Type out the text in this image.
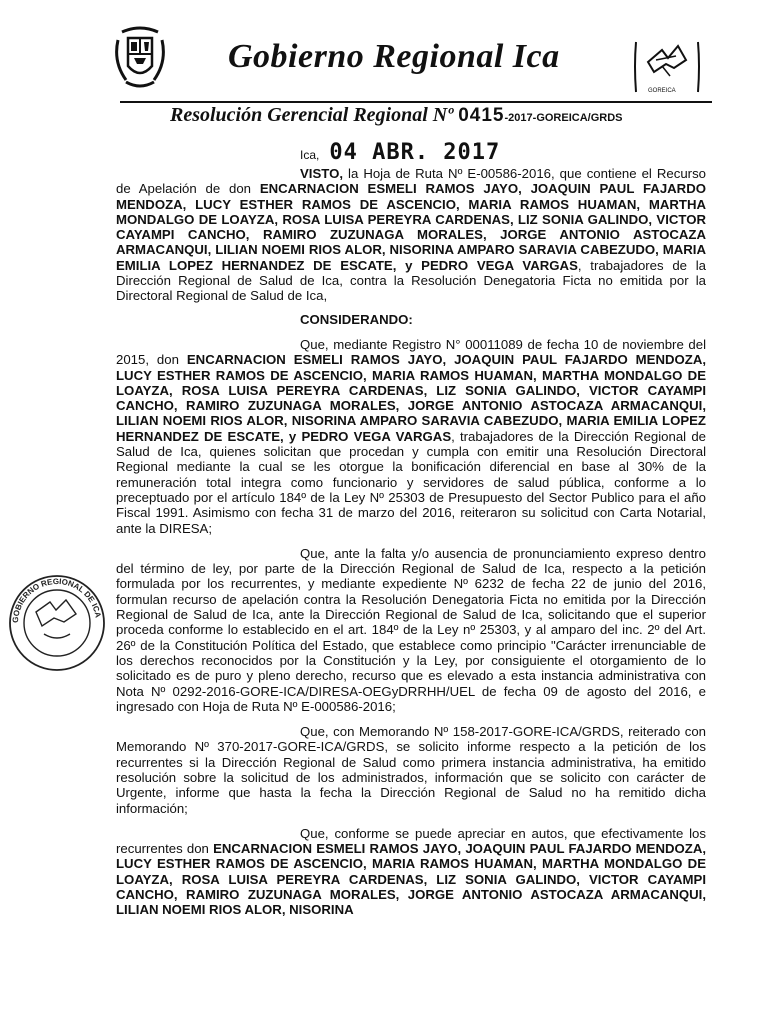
Gobierno Regional Ica
GOREICA
Resolución Gerencial Regional Nº 0415-2017-GOREICA/GRDS
Ica, 04 ABR. 2017

VISTO, la Hoja de Ruta Nº E-00586-2016, que contiene el Recurso de Apelación de don ENCARNACION ESMELI RAMOS JAYO, JOAQUIN PAUL FAJARDO MENDOZA, LUCY ESTHER RAMOS DE ASCENCIO, MARIA RAMOS HUAMAN, MARTHA MONDALGO DE LOAYZA, ROSA LUISA PEREYRA CARDENAS, LIZ SONIA GALINDO, VICTOR CAYAMPI CANCHO, RAMIRO ZUZUNAGA MORALES, JORGE ANTONIO ASTOCAZA ARMACANQUI, LILIAN NOEMI RIOS ALOR, NISORINA AMPARO SARAVIA CABEZUDO, MARIA EMILIA LOPEZ HERNANDEZ DE ESCATE, y PEDRO VEGA VARGAS, trabajadores de la Dirección Regional de Salud de Ica, contra la Resolución Denegatoria Ficta no emitida por la Directoral Regional de Salud de Ica,

CONSIDERANDO:

Que, mediante Registro N° 00011089 de fecha 10 de noviembre del 2015, don ENCARNACION ESMELI RAMOS JAYO, JOAQUIN PAUL FAJARDO MENDOZA, LUCY ESTHER RAMOS DE ASCENCIO, MARIA RAMOS HUAMAN, MARTHA MONDALGO DE LOAYZA, ROSA LUISA PEREYRA CARDENAS, LIZ SONIA GALINDO, VICTOR CAYAMPI CANCHO, RAMIRO ZUZUNAGA MORALES, JORGE ANTONIO ASTOCAZA ARMACANQUI, LILIAN NOEMI RIOS ALOR, NISORINA AMPARO SARAVIA CABEZUDO, MARIA EMILIA LOPEZ HERNANDEZ DE ESCATE, y PEDRO VEGA VARGAS, trabajadores de la Dirección Regional de Salud de Ica, quienes solicitan que procedan y cumpla con emitir una Resolución Directoral Regional mediante la cual se les otorgue la bonificación diferencial en base al 30% de la remuneración total integra como funcionario y servidores de salud pública, conforme a lo preceptuado por el artículo 184º de la Ley Nº 25303 de Presupuesto del Sector Publico para el año Fiscal 1991. Asimismo con fecha 31 de marzo del 2016, reiteraron su solicitud con Carta Notarial, ante la DIRESA;

Que, ante la falta y/o ausencia de pronunciamiento expreso dentro del término de ley, por parte de la Dirección Regional de Salud de Ica, respecto a la petición formulada por los recurrentes, y mediante expediente Nº 6232 de fecha 22 de junio del 2016, formulan recurso de apelación contra la Resolución Denegatoria Ficta no emitida por la Dirección Regional de Salud de Ica, ante la Dirección Regional de Salud de Ica, solicitando que el superior proceda conforme lo establecido en el art. 184º de la Ley nº 25303, y al amparo del inc. 2º del Art. 26º de la Constitución Política del Estado, que establece como principio "Carácter irrenunciable de los derechos reconocidos por la Constitución y la Ley, por consiguiente el otorgamiento de lo solicitado es de puro y pleno derecho, recurso que es elevado a esta instancia administrativa con Nota Nº 0292-2016-GORE-ICA/DIRESA-OEGyDRRHH/UEL de fecha 09 de agosto del 2016, e ingresado con Hoja de Ruta Nº E-000586-2016;

Que, con Memorando Nº 158-2017-GORE-ICA/GRDS, reiterado con Memorando Nº 370-2017-GORE-ICA/GRDS, se solicito informe respecto a la petición de los recurrentes si la Dirección Regional de Salud como primera instancia administrativa, ha emitido resolución sobre la solicitud de los administrados, información que se solicito con carácter de Urgente, informe que hasta la fecha la Dirección Regional de Salud no ha remitido dicha información;

Que, conforme se puede apreciar en autos, que efectivamente los recurrentes don ENCARNACION ESMELI RAMOS JAYO, JOAQUIN PAUL FAJARDO MENDOZA, LUCY ESTHER RAMOS DE ASCENCIO, MARIA RAMOS HUAMAN, MARTHA MONDALGO DE LOAYZA, ROSA LUISA PEREYRA CARDENAS, LIZ SONIA GALINDO, VICTOR CAYAMPI CANCHO, RAMIRO ZUZUNAGA MORALES, JORGE ANTONIO ASTOCAZA ARMACANQUI, LILIAN NOEMI RIOS ALOR, NISORINA

GOBIERNO REGIONAL DE ICA
